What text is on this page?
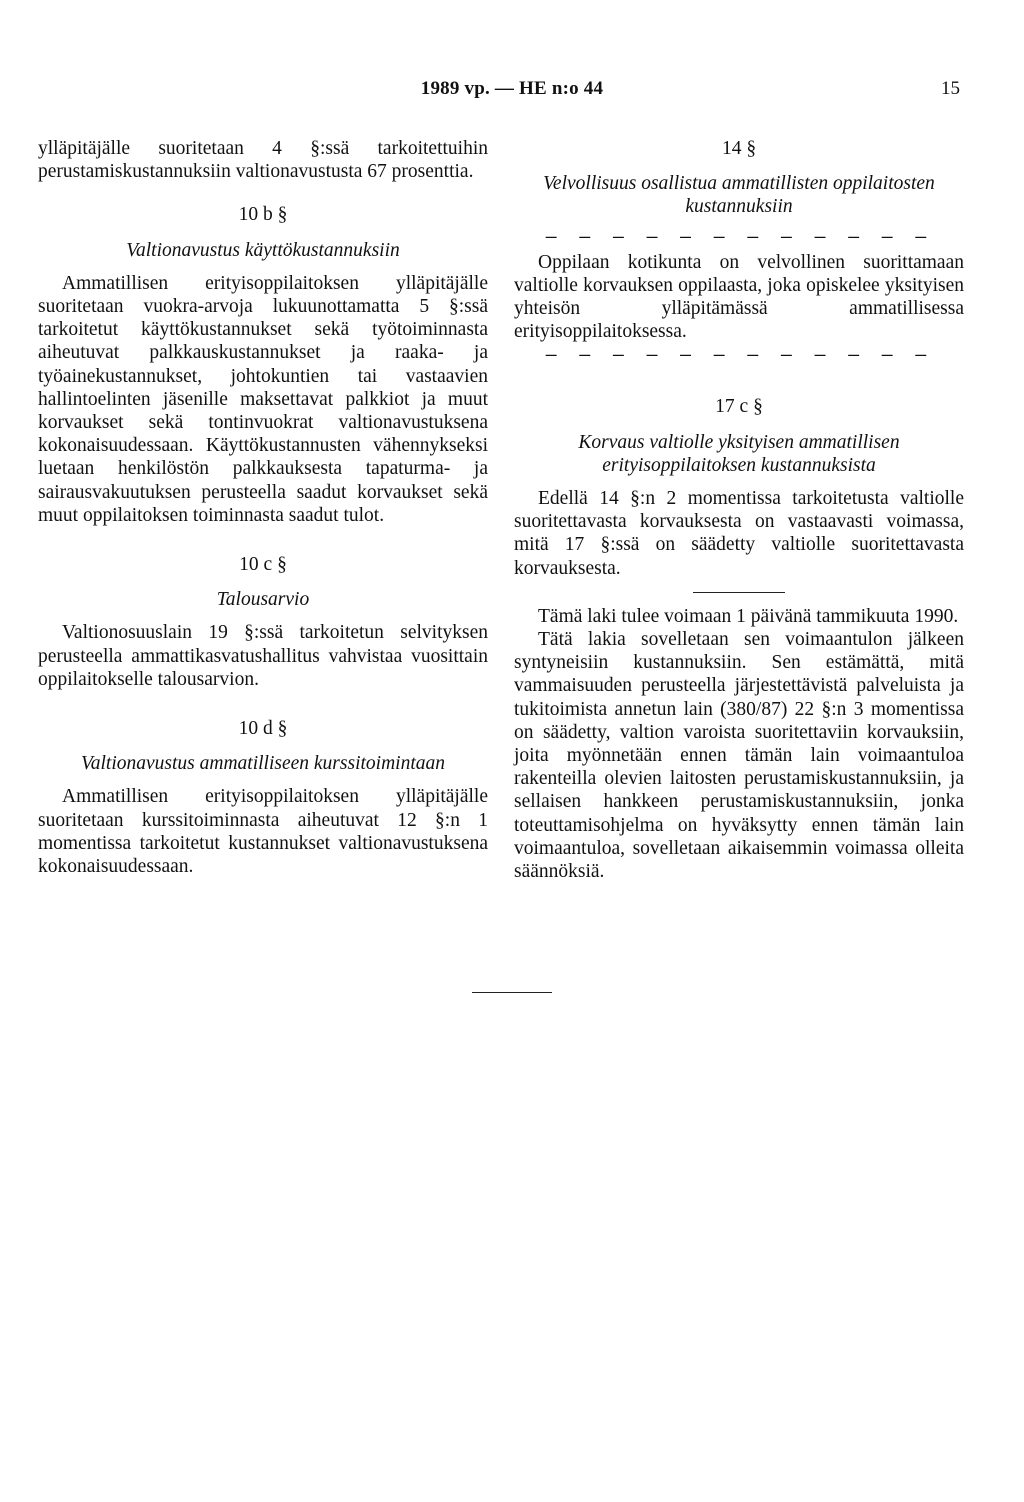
1989 vp. — HE n:o 44	15

ylläpitäjälle suoritetaan 4 §:ssä tarkoitettuihin perustamiskustannuksiin valtionavustusta 67 prosenttia.

10 b §

Valtionavustus käyttökustannuksiin

Ammatillisen erityisoppilaitoksen ylläpitäjälle suoritetaan vuokra-arvoja lukuunottamatta 5 §:ssä tarkoitetut käyttökustannukset sekä työtoiminnasta aiheutuvat palkkauskustannukset ja raaka- ja työainekustannukset, johtokuntien tai vastaavien hallintoelinten jäsenille maksettavat palkkiot ja muut korvaukset sekä tontinvuokrat valtionavustuksena kokonaisuudessaan. Käyttökustannusten vähennykseksi luetaan henkilöstön palkkauksesta tapaturma- ja sairausvakuutuksen perusteella saadut korvaukset sekä muut oppilaitoksen toiminnasta saadut tulot.

10 c §

Talousarvio

Valtionosuuslain 19 §:ssä tarkoitetun selvityksen perusteella ammattikasvatushallitus vahvistaa vuosittain oppilaitokselle talousarvion.

10 d §

Valtionavustus ammatilliseen kurssitoimintaan

Ammatillisen erityisoppilaitoksen ylläpitäjälle suoritetaan kurssitoiminnasta aiheutuvat 12 §:n 1 momentissa tarkoitetut kustannukset valtionavustuksena kokonaisuudessaan.

14 §

Velvollisuus osallistua ammatillisten oppilaitosten kustannuksiin

— — — — — — — — — — — —

Oppilaan kotikunta on velvollinen suorittamaan valtiolle korvauksen oppilaasta, joka opiskelee yksityisen yhteisön ylläpitämässä ammatillisessa erityisoppilaitoksessa.

— — — — — — — — — — — —

17 c §

Korvaus valtiolle yksityisen ammatillisen erityisoppilaitoksen kustannuksista

Edellä 14 §:n 2 momentissa tarkoitetusta valtiolle suoritettavasta korvauksesta on vastaavasti voimassa, mitä 17 §:ssä on säädetty valtiolle suoritettavasta korvauksesta.

Tämä laki tulee voimaan 1 päivänä tammikuuta 1990.

Tätä lakia sovelletaan sen voimaantulon jälkeen syntyneisiin kustannuksiin. Sen estämättä, mitä vammaisuuden perusteella järjestettävistä palveluista ja tukitoimista annetun lain (380/87) 22 §:n 3 momentissa on säädetty, valtion varoista suoritettaviin korvauksiin, joita myönnetään ennen tämän lain voimaantuloa rakenteilla olevien laitosten perustamiskustannuksiin, ja sellaisen hankkeen perustamiskustannuksiin, jonka toteuttamisohjelma on hyväksytty ennen tämän lain voimaantuloa, sovelletaan aikaisemmin voimassa olleita säännöksiä.
